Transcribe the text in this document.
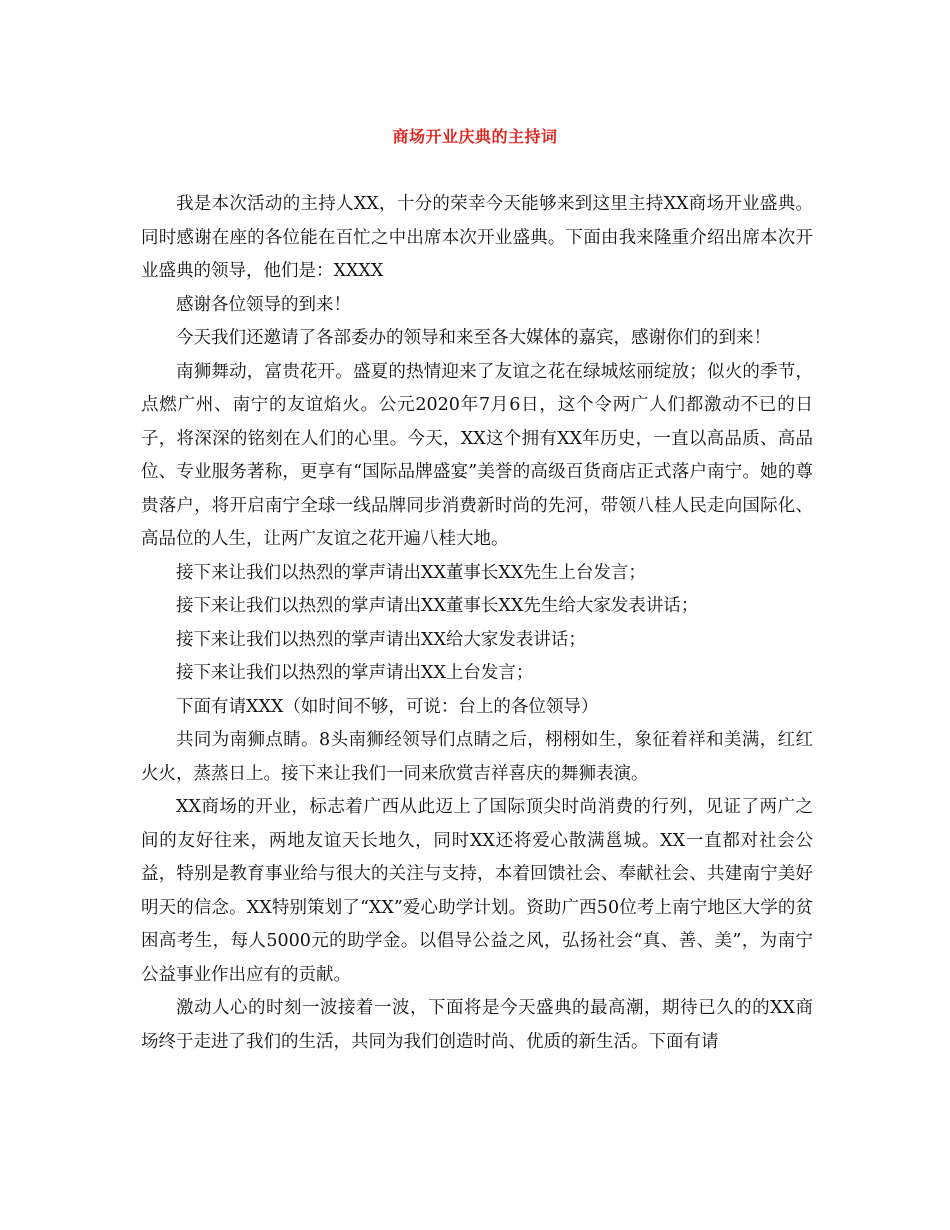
商场开业庆典的主持词

我是本次活动的主持人XX，十分的荣幸今天能够来到这里主持XX商场开业盛典。同时感谢在座的各位能在百忙之中出席本次开业盛典。下面由我来隆重介绍出席本次开业盛典的领导，他们是：XXXX

感谢各位领导的到来！

今天我们还邀请了各部委办的领导和来至各大媒体的嘉宾，感谢你们的到来！

南狮舞动，富贵花开。盛夏的热情迎来了友谊之花在绿城炫丽绽放；似火的季节，点燃广州、南宁的友谊焰火。公元2020年7月6日，这个令两广人们都激动不已的日子，将深深的铭刻在人们的心里。今天，XX这个拥有XX年历史，一直以高品质、高品位、专业服务著称，更享有“国际品牌盛宴”美誉的高级百货商店正式落户南宁。她的尊贵落户，将开启南宁全球一线品牌同步消费新时尚的先河，带领八桂人民走向国际化、高品位的人生，让两广友谊之花开遍八桂大地。

接下来让我们以热烈的掌声请出XX董事长XX先生上台发言；

接下来让我们以热烈的掌声请出XX董事长XX先生给大家发表讲话；

接下来让我们以热烈的掌声请出XX给大家发表讲话；

接下来让我们以热烈的掌声请出XX上台发言；

下面有请XXX（如时间不够，可说：台上的各位领导）

共同为南狮点睛。8头南狮经领导们点睛之后，栩栩如生，象征着祥和美满，红红火火，蒸蒸日上。接下来让我们一同来欣赏吉祥喜庆的舞狮表演。

XX商场的开业，标志着广西从此迈上了国际顶尖时尚消费的行列，见证了两广之间的友好往来，两地友谊天长地久，同时XX还将爱心散满邕城。XX一直都对社会公益，特别是教育事业给与很大的关注与支持，本着回馈社会、奉献社会、共建南宁美好明天的信念。XX特别策划了“XX”爱心助学计划。资助广西50位考上南宁地区大学的贫困高考生，每人5000元的助学金。以倡导公益之风，弘扬社会“真、善、美”，为南宁公益事业作出应有的贡献。

激动人心的时刻一波接着一波，下面将是今天盛典的最高潮，期待已久的的XX商场终于走进了我们的生活，共同为我们创造时尚、优质的新生活。下面有请
